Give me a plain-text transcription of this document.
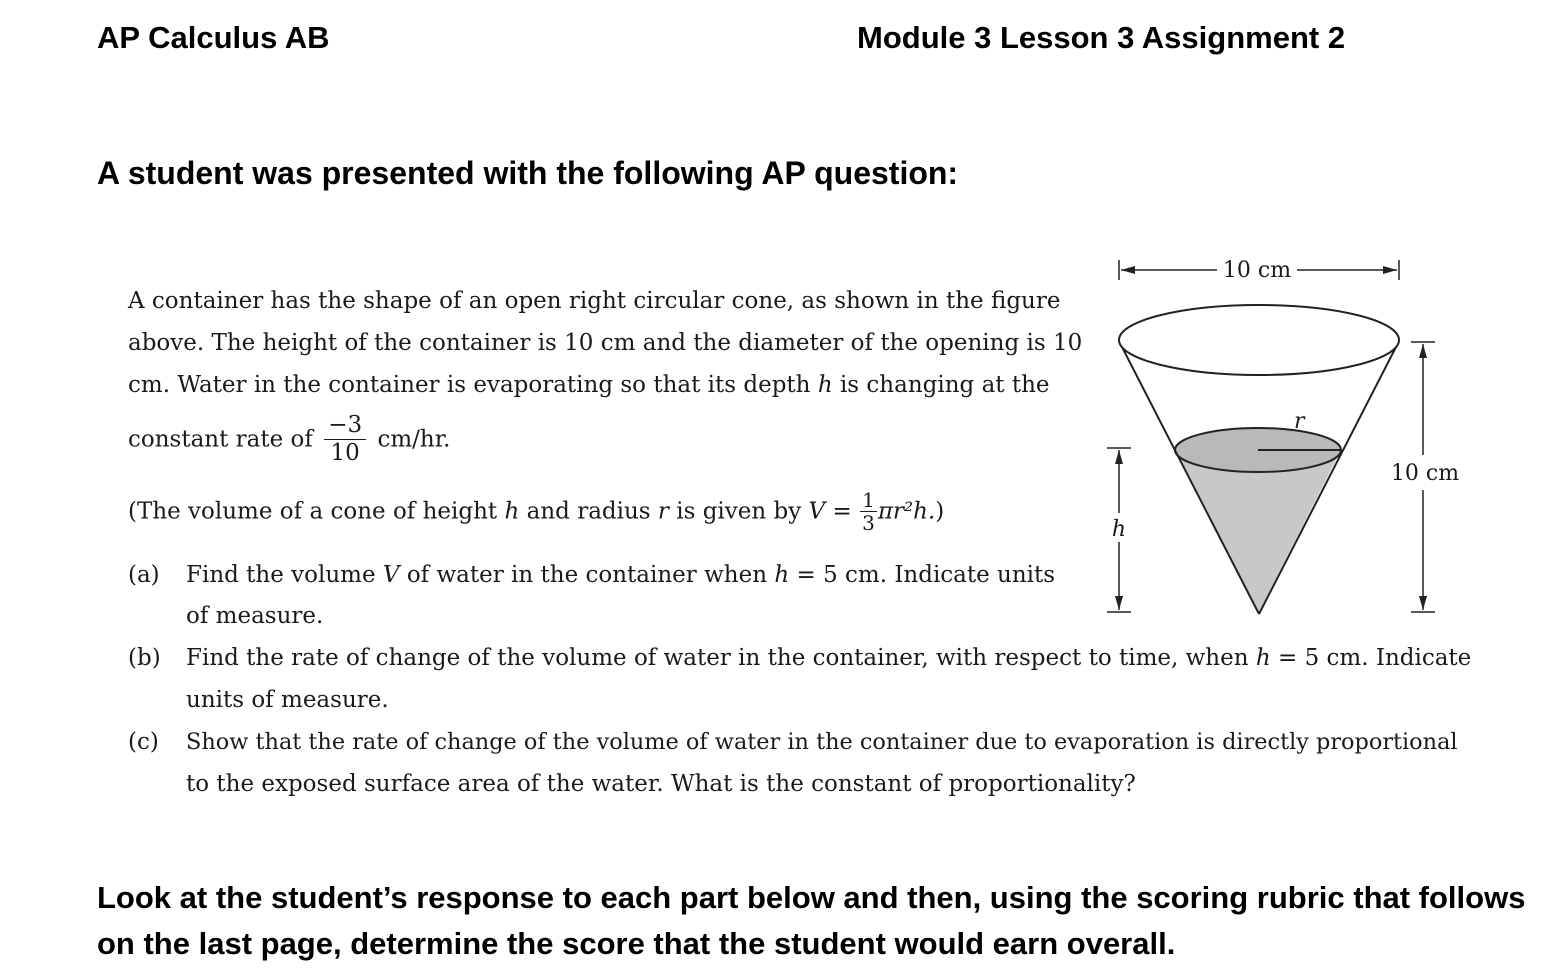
AP Calculus AB	Module 3 Lesson 3 Assignment 2
A student was presented with the following AP question:
A container has the shape of an open right circular cone, as shown in the figure
above. The height of the container is 10 cm and the diameter of the opening is 10
cm. Water in the container is evaporating so that its depth h is changing at the
constant rate of $\frac{-3}{10} cm/hr$.
(The volume of a cone of height h and radius r is given by $V = \frac{1}{3} \pi r^2h$.)
(a) Find the volume V of water in the container when h = 5 cm. Indicate units
of measure.
(b) Find the rate of change of the volume of water in the container, with respect to time, when h = 5 cm. Indicate
units of measure.
(c) Show that the rate of change of the volume of water in the container due to evaporation is directly proportional
to the exposed surface area of the water. What is the constant of proportionality?
10 cm
r
h
10 cm
Look at the student’s response to each part below and then, using the scoring rubric that follows on the last page, determine the score that the student would earn overall.
